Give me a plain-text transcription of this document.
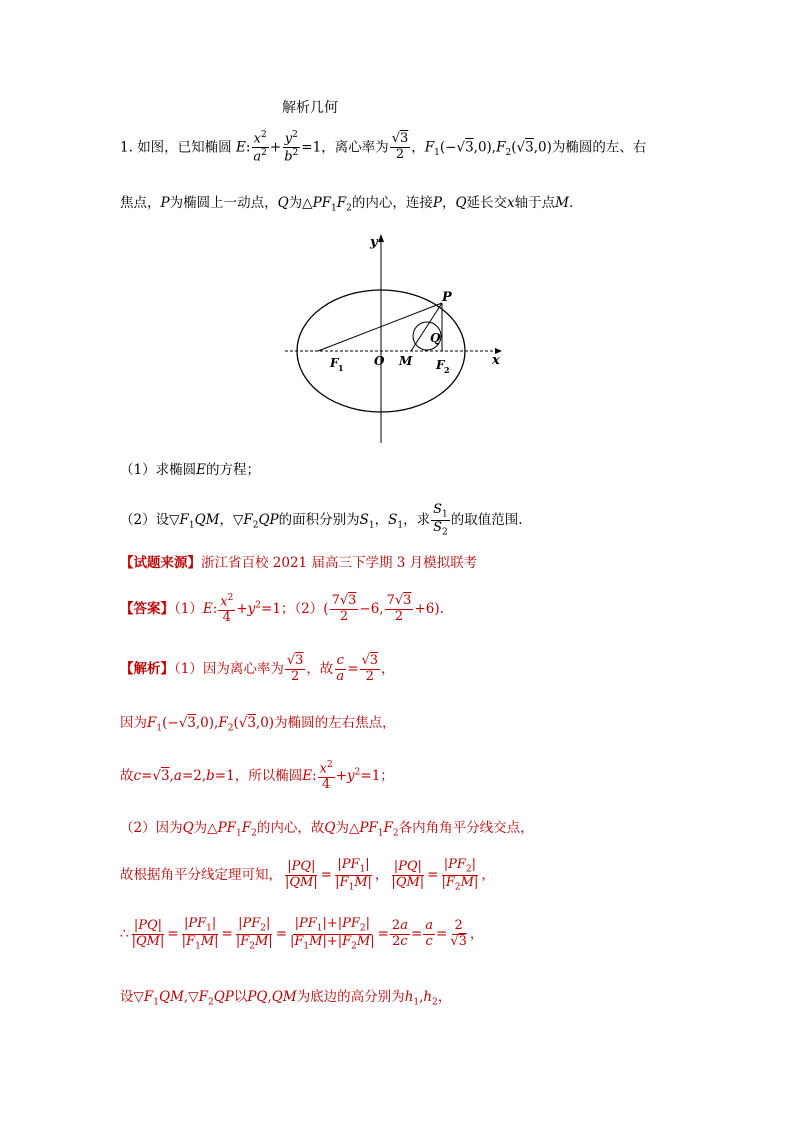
解析几何
1. 如图，已知椭圆 E: $\frac{x^2}{a^2} + \frac{y^2}{b^2} =1$，离心率为 $\frac{√3}{2}$ ，$F_1(-√3,0),F_2(√3,0)$为椭圆的左、右
焦点，P为椭圆上一动点，Q为$\triangle PF_1F_2$的内心，连接P，Q延长交x轴于点M.
y
x
P
Q
O M
F 1	F 2
（1）求椭圆E的方程；
（2）设$▽F_1QM$，$▽F_2QP$的面积分别为$S_1$，$S_1$，求 $\frac{S_1}{S_2}$ 的取值范围.
【试题来源】浙江省百校 2021 届高三下学期 3 月模拟联考
【答案】（1）E: $\frac{x^2}{4} +y^2=1$；$(2)( \frac{7√3}{2} -6$, $\frac{7√3}{2} +6$).
【解析】（1）因为离心率为 $\frac{√3}{2}$ ，故 $\frac{c}{a} = \frac{√3}{2}$ ，
因为$F_1(-√3,0),F_2(√3,0)$为椭圆的左右焦点，
故c=√3,a=2,b=1，所以椭圆E: $\frac{x^2}{4} +y^2=1$；
（2）因为Q为$\triangle PF_1F_2$的内心，故Q为$\triangle PF_1F_2$各内角角平分线交点，
故根据角平分线定理可知， $\frac{|PQ|}{|QM|} = \frac{|PF_1|}{|F_1M|}$ ， $\frac{|PQ|}{|QM|} = \frac{|PF_2|}{|F_2M|}$ ，
∴ $\frac{|PQ|}{|QM|} = \frac{|PF_1|}{|F_1M|} = \frac{|PF_2|}{|F_2M|} = \frac{|PF_1|+|PF_2|}{|F_1M|+|F_2M|} = \frac{2a}{2c} = \frac{a}{c} = \frac{2}{√3}$ ，
设$▽F_1QM,▽F_2QP$以PQ,QM为底边的高分别为$h_1,h_2$，
